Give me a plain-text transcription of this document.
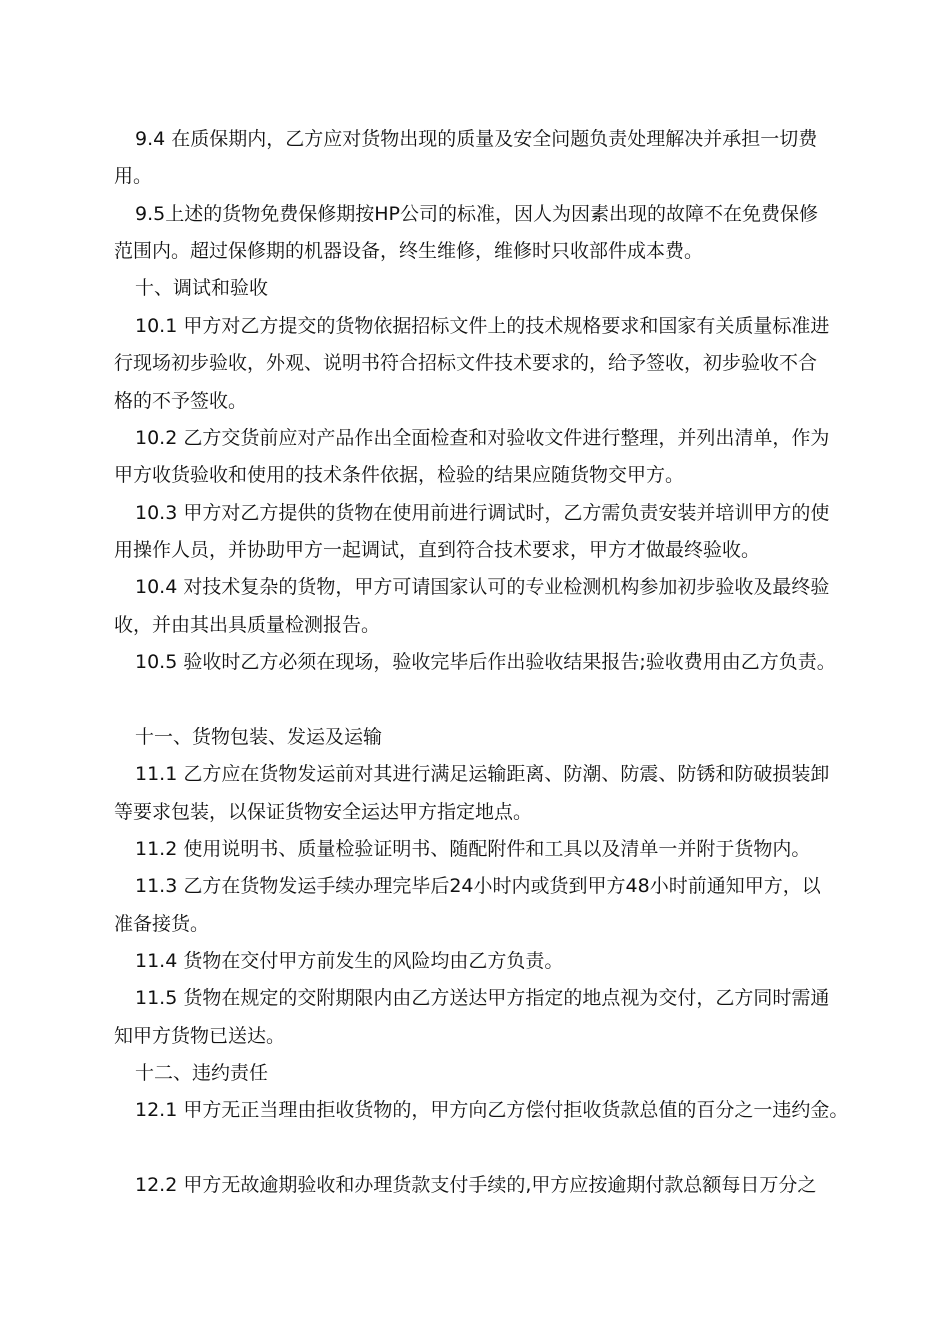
9.4 在质保期内，乙方应对货物出现的质量及安全问题负责处理解决并承担一切费
用。
9.5上述的货物免费保修期按HP公司的标准，因人为因素出现的故障不在免费保修
范围内。超过保修期的机器设备，终生维修，维修时只收部件成本费。
十、调试和验收
10.1 甲方对乙方提交的货物依据招标文件上的技术规格要求和国家有关质量标准进
行现场初步验收，外观、说明书符合招标文件技术要求的，给予签收，初步验收不合
格的不予签收。
10.2 乙方交货前应对产品作出全面检查和对验收文件进行整理，并列出清单，作为
甲方收货验收和使用的技术条件依据，检验的结果应随货物交甲方。
10.3 甲方对乙方提供的货物在使用前进行调试时，乙方需负责安装并培训甲方的使
用操作人员，并协助甲方一起调试，直到符合技术要求，甲方才做最终验收。
10.4 对技术复杂的货物，甲方可请国家认可的专业检测机构参加初步验收及最终验
收，并由其出具质量检测报告。
10.5 验收时乙方必须在现场，验收完毕后作出验收结果报告;验收费用由乙方负责。
十一、货物包装、发运及运输
11.1 乙方应在货物发运前对其进行满足运输距离、防潮、防震、防锈和防破损装卸
等要求包装，以保证货物安全运达甲方指定地点。
11.2 使用说明书、质量检验证明书、随配附件和工具以及清单一并附于货物内。
11.3 乙方在货物发运手续办理完毕后24小时内或货到甲方48小时前通知甲方，以
准备接货。
11.4 货物在交付甲方前发生的风险均由乙方负责。
11.5 货物在规定的交附期限内由乙方送达甲方指定的地点视为交付，乙方同时需通
知甲方货物已送达。
十二、违约责任
12.1 甲方无正当理由拒收货物的，甲方向乙方偿付拒收货款总值的百分之一违约金。
12.2 甲方无故逾期验收和办理货款支付手续的,甲方应按逾期付款总额每日万分之
